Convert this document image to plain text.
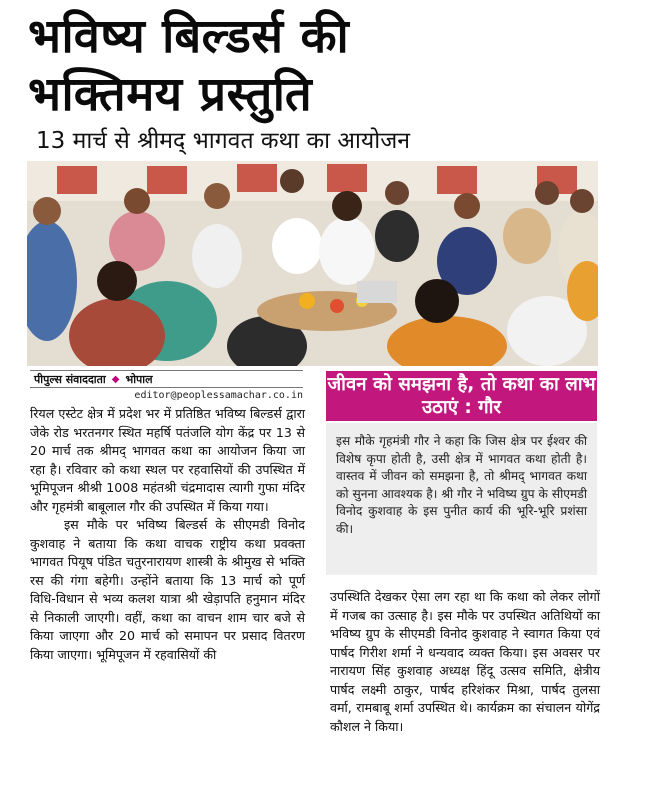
भविष्य बिल्डर्स की
भक्तिमय प्रस्तुति
13 मार्च से श्रीमद् भागवत कथा का आयोजन
पीपुल्स संवाददाता ◆ भोपाल
editor@peoplessamachar.co.in

रियल एस्टेट क्षेत्र में प्रदेश भर में प्रतिष्ठित भविष्य बिल्डर्स द्वारा जेके रोड भरतनगर स्थित महर्षि पतंजलि योग केंद्र पर 13 से 20 मार्च तक श्रीमद् भागवत कथा का आयोजन किया जा रहा है। रविवार को कथा स्थल पर रहवासियों की उपस्थित में भूमिपूजन श्रीश्री 1008 महंतश्री चंद्रमादास त्यागी गुफा मंदिर और गृहमंत्री बाबूलाल गौर की उपस्थित में किया गया।

इस मौके पर भविष्य बिल्डर्स के सीएमडी विनोद कुशवाह ने बताया कि कथा वाचक राष्ट्रीय कथा प्रवक्ता भागवत पियूष पंडित चतुरनारायण शास्त्री के श्रीमुख से भक्ति रस की गंगा बहेगी। उन्होंने बताया कि 13 मार्च को पूर्ण विधि-विधान से भव्य कलश यात्रा श्री खेड़ापति हनुमान मंदिर से निकाली जाएगी। वहीं, कथा का वाचन शाम चार बजे से किया जाएगा और 20 मार्च को समापन पर प्रसाद वितरण किया जाएगा। भूमिपूजन में रहवासियों की

जीवन को समझना है, तो कथा का लाभ उठाएं : गौर
इस मौके गृहमंत्री गौर ने कहा कि जिस क्षेत्र पर ईश्वर की विशेष कृपा होती है, उसी क्षेत्र में भागवत कथा होती है। वास्तव में जीवन को समझना है, तो श्रीमद् भागवत कथा को सुनना आवश्यक है। श्री गौर ने भविष्य ग्रुप के सीएमडी विनोद कुशवाह के इस पुनीत कार्य की भूरि-भूरि प्रशंसा की।

उपस्थिति देखकर ऐसा लग रहा था कि कथा को लेकर लोगों में गजब का उत्साह है। इस मौके पर उपस्थित अतिथियों का भविष्य ग्रुप के सीएमडी विनोद कुशवाह ने स्वागत किया एवं पार्षद गिरीश शर्मा ने धन्यवाद व्यक्त किया। इस अवसर पर नारायण सिंह कुशवाह अध्यक्ष हिंदू उत्सव समिति, क्षेत्रीय पार्षद लक्ष्मी ठाकुर, पार्षद हरिशंकर मिश्रा, पार्षद तुलसा वर्मा, रामबाबू शर्मा उपस्थित थे। कार्यक्रम का संचालन योगेंद्र कौशल ने किया।
